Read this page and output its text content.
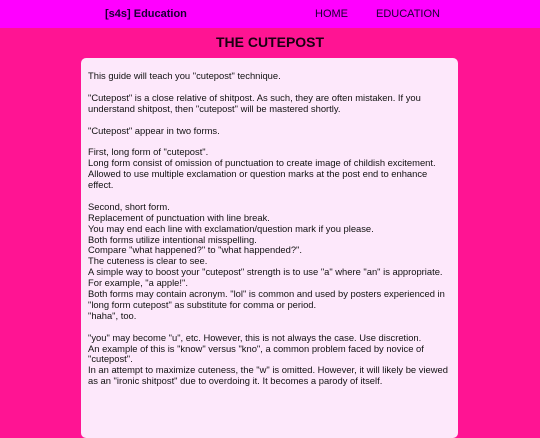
[s4s] Education	HOME	EDUCATION
THE CUTEPOST

This guide will teach you "cutepost" technique.

"Cutepost" is a close relative of shitpost. As such, they are often mistaken. If you
understand shitpost, then "cutepost" will be mastered shortly.

"Cutepost" appear in two forms.

First, long form of "cutepost".
Long form consist of omission of punctuation to create image of childish excitement.
Allowed to use multiple exclamation or question marks at the post end to enhance
effect.

Second, short form.
Replacement of punctuation with line break.
You may end each line with exclamation/question mark if you please.
Both forms utilize intentional misspelling.
Compare "what happened?" to "what happended?".
The cuteness is clear to see.
A simple way to boost your "cutepost" strength is to use "a" where "an" is appropriate.
For example, "a apple!".
Both forms may contain acronym. "lol" is common and used by posters experienced in
"long form cutepost" as substitute for comma or period.
"haha", too.

"you" may become "u", etc. However, this is not always the case. Use discretion.
An example of this is "know" versus "kno", a common problem faced by novice of
"cutepost".
In an attempt to maximize cuteness, the "w" is omitted. However, it will likely be viewed
as an "ironic shitpost" due to overdoing it. It becomes a parody of itself.
